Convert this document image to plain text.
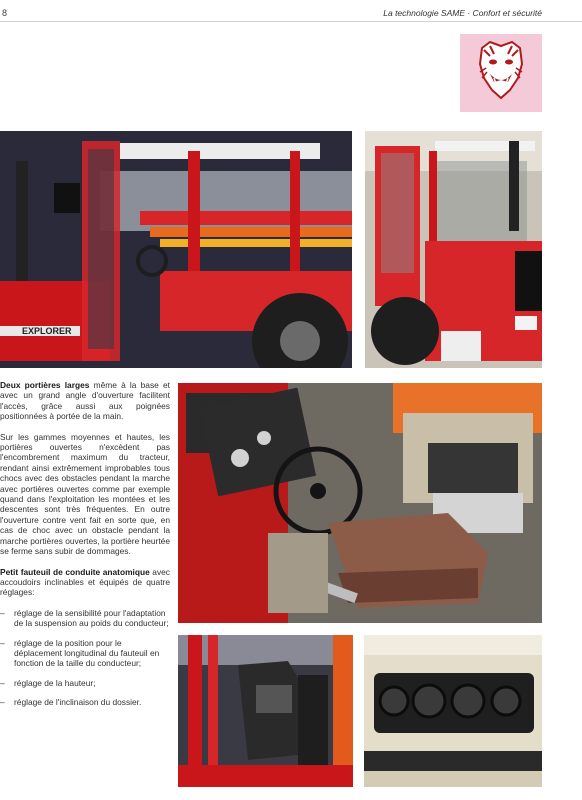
8	La technologie SAME · Confort et sécurité
EXPLORER

Deux portières larges même à la base et avec un grand angle d'ouverture facilitent l'accès, grâce aussi aux poignées positionnées à portée de la main.

Sur les gammes moyennes et hautes, les portières ouvertes n'excèdent pas l'encombrement maximum du tracteur, rendant ainsi extrêmement improbables tous chocs avec des obstacles pendant la marche avec portières ouvertes comme par exemple quand dans l'exploitation les montées et les descentes sont très fréquentes. En outre l'ouverture contre vent fait en sorte que, en cas de choc avec un obstacle pendant la marche portières ouvertes, la portière heurtée se ferme sans subir de dommages.

Petit fauteuil de conduite anatomique avec accoudoirs inclinables et équipés de quatre réglages:

– réglage de la sensibilité pour l'adaptation de la suspension au poids du conducteur;
– réglage de la position pour le déplacement longitudinal du fauteuil en fonction de la taille du conducteur;
– réglage de la hauteur;
– réglage de l'inclinaison du dossier.
